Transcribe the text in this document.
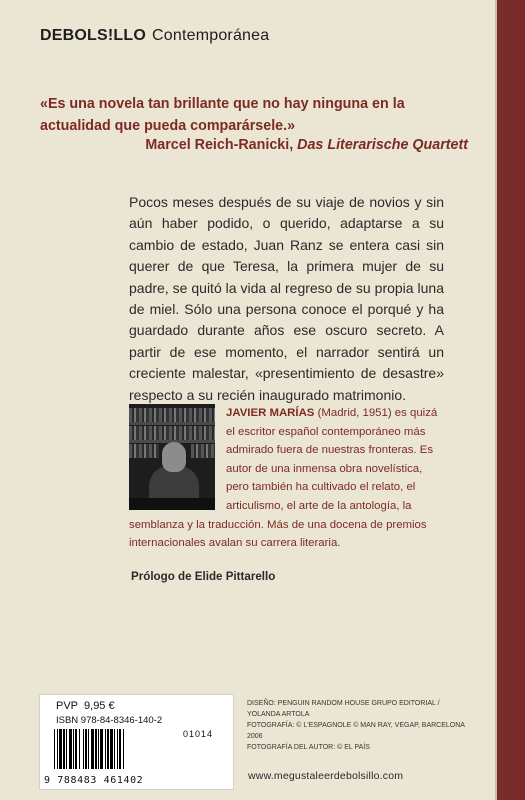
DEBOLS!LLO Contemporánea
«Es una novela tan brillante que no hay ninguna en la actualidad que pueda comparársele.»
Marcel Reich-Ranicki, Das Literarische Quartett
Pocos meses después de su viaje de novios y sin aún haber podido, o querido, adaptarse a su cambio de estado, Juan Ranz se entera casi sin querer de que Teresa, la primera mujer de su padre, se quitó la vida al regreso de su propia luna de miel. Sólo una persona conoce el porqué y ha guardado durante años ese oscuro secreto. A partir de ese momento, el narrador sentirá un creciente malestar, «presentimiento de desastre» respecto a su recién inaugurado matrimonio.
JAVIER MARÍAS (Madrid, 1951) es quizá el escritor español contemporáneo más admirado fuera de nuestras fronteras. Es autor de una inmensa obra novelística, pero también ha cultivado el relato, el articulismo, el arte de la antología, la semblanza y la traducción. Más de una docena de premios internacionales avalan su carrera literaria.
Prólogo de Elide Pittarello
PVP 9,95 €
ISBN 978-84-8346-140-2
01014
9 788483 461402
DISEÑO: PENGUIN RANDOM HOUSE GRUPO EDITORIAL / YOLANDA ARTOLA
FOTOGRAFÍA: © L'ESPAGNOLE © MAN RAY, VEGAP, BARCELONA 2006
FOTOGRAFÍA DEL AUTOR: © EL PAÍS
www.megustaleerdebolsillo.com
